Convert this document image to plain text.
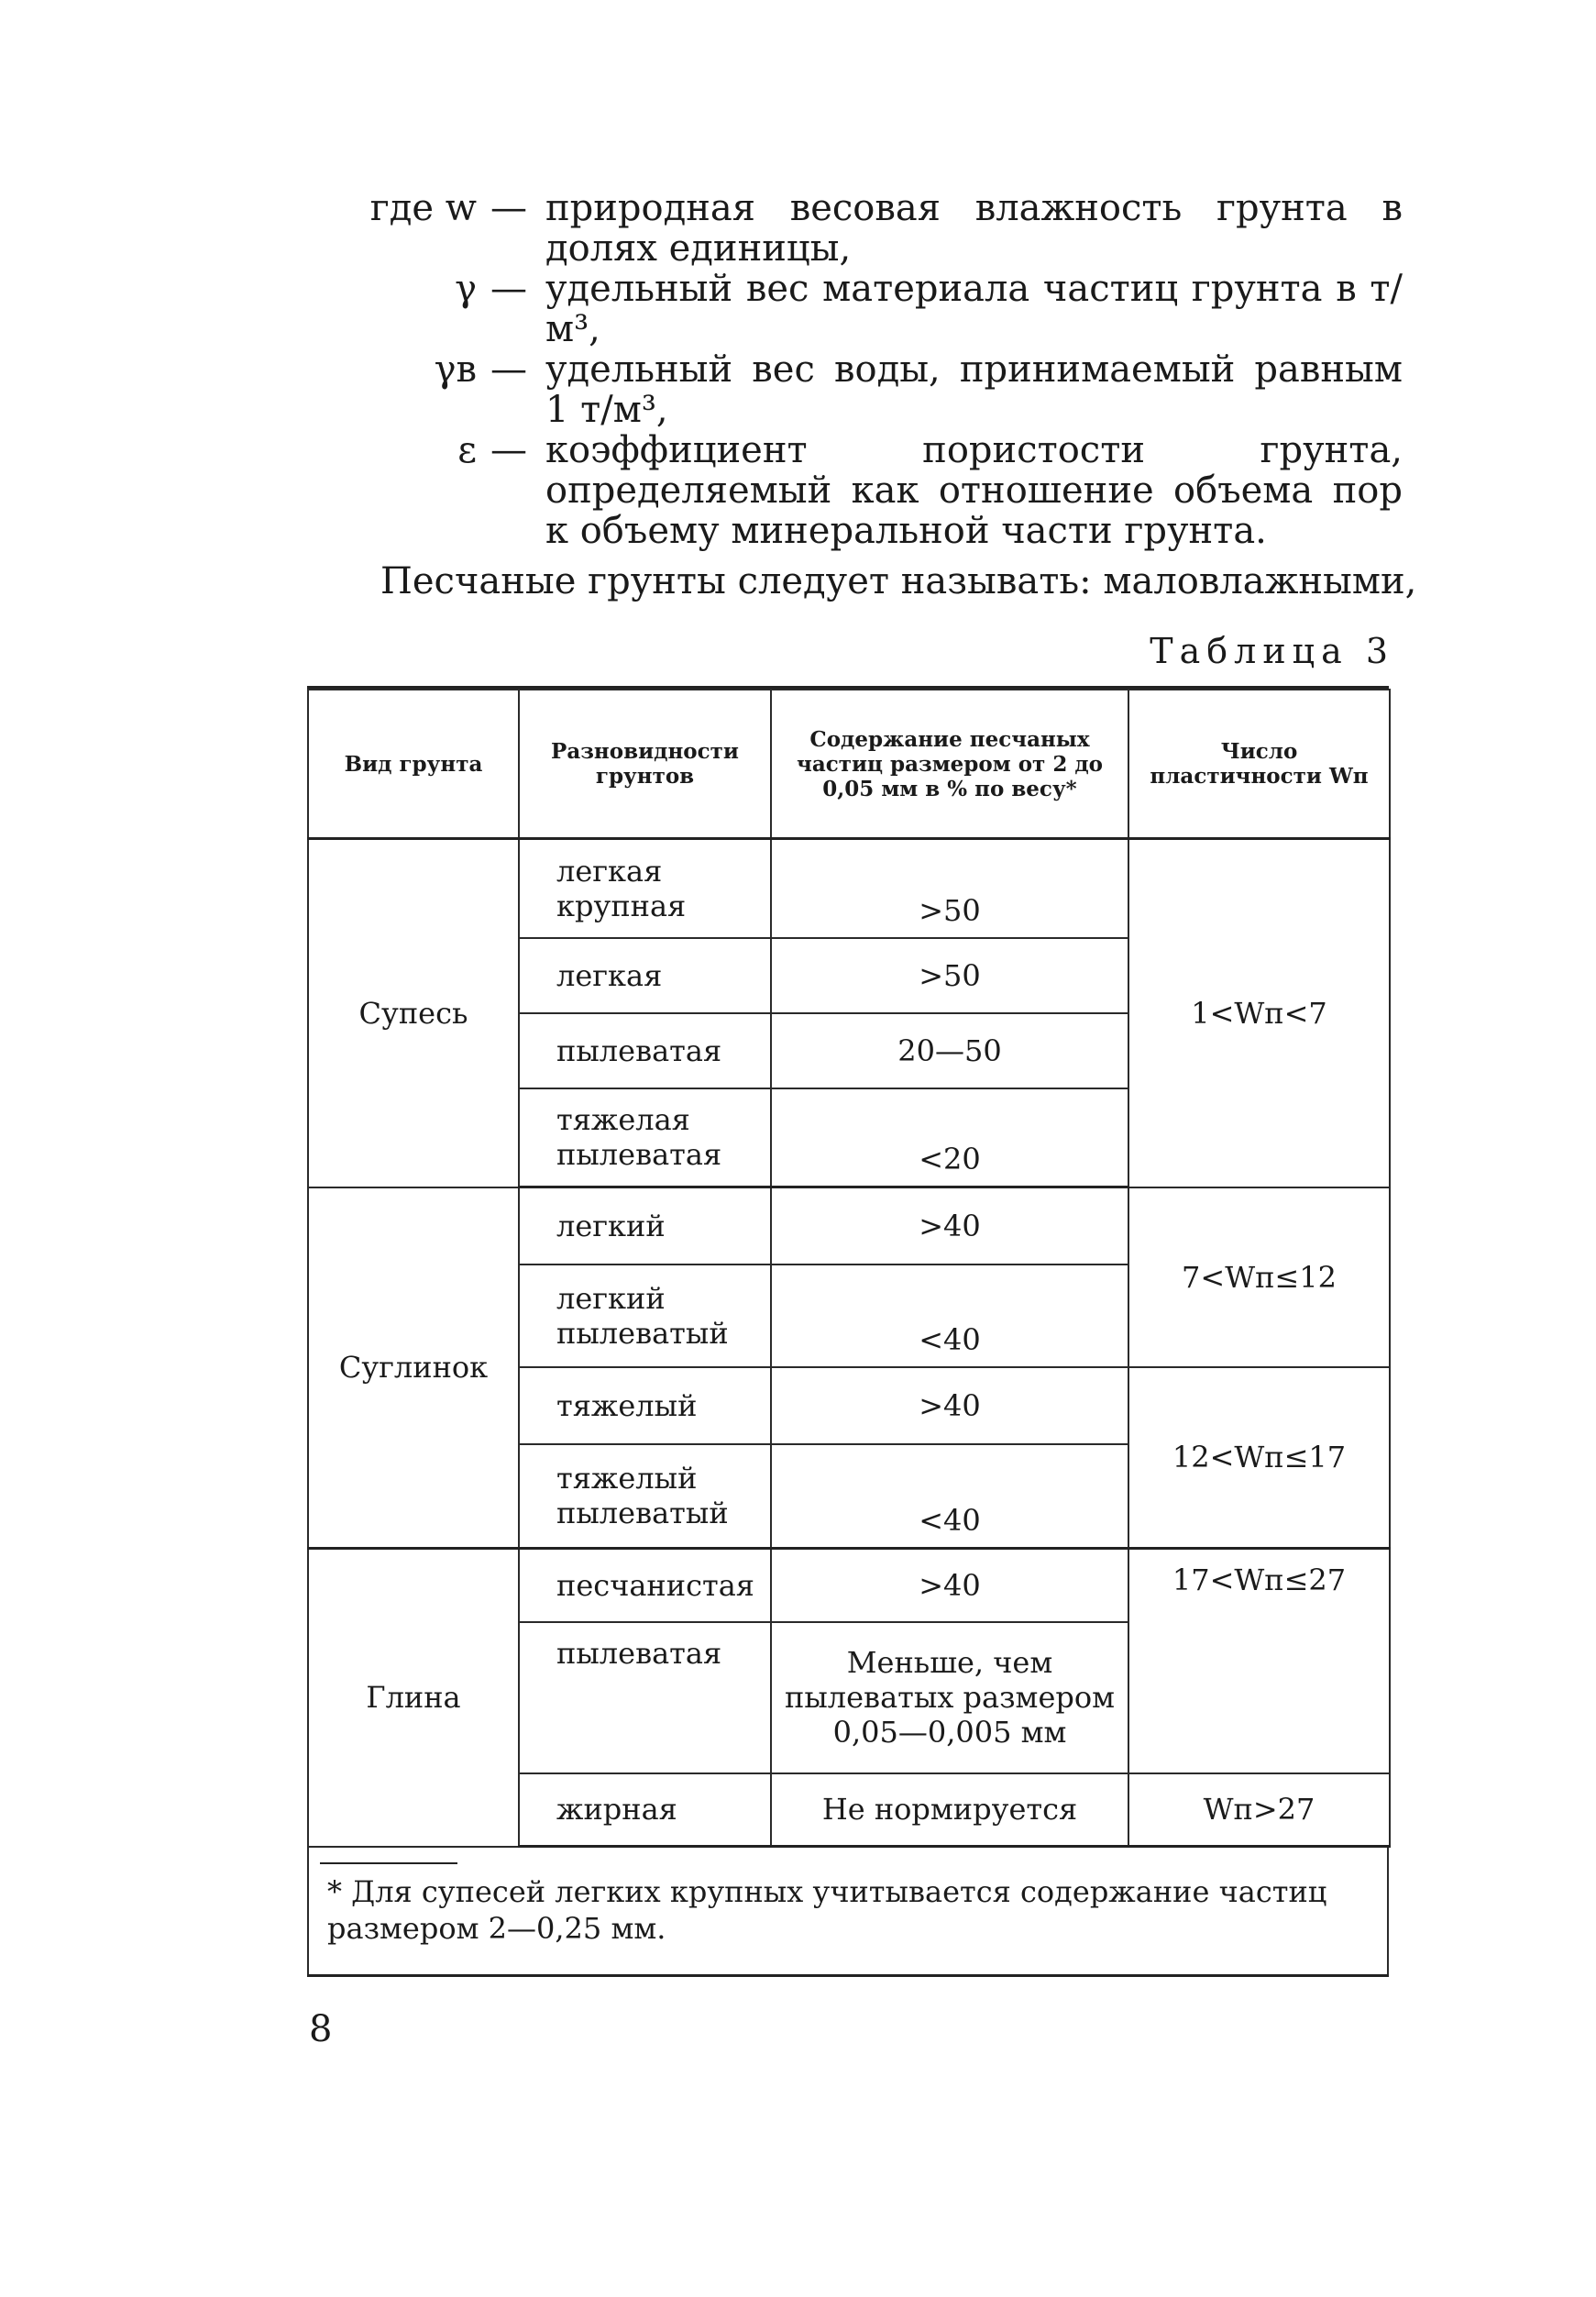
где w — природная весовая влажность грунта в долях единицы,
γ — удельный вес материала частиц грунта в т/м³,
γв — удельный вес воды, принимаемый равным 1 т/м³,
ε — коэффициент пористости грунта, определяемый как отношение объема пор к объему минеральной части грунта.
Песчаные грунты следует называть: маловлажными,
Таблица 3
Вид грунта	Разновидности грунтов	Содержание песчаных частиц размером от 2 до 0,05 мм в % по весу*	Число пластичности Wп
Супесь	легкая крупная	>50	1<Wп<7
	легкая	>50	
	пылеватая	20—50	
	тяжелая пылеватая	<20	
Суглинок	легкий	>40	7<Wп≤12
	легкий пылеватый	<40	
	тяжелый	>40	12<Wп≤17
	тяжелый пылеватый	<40	
Глина	песчанистая	>40	17<Wп≤27
	пылеватая	Меньше, чем пылеватых размером 0,05—0,005 мм	
	жирная	Не нормируется	Wп>27
* Для супесей легких крупных учитывается содержание частиц размером 2—0,25 мм.
8
